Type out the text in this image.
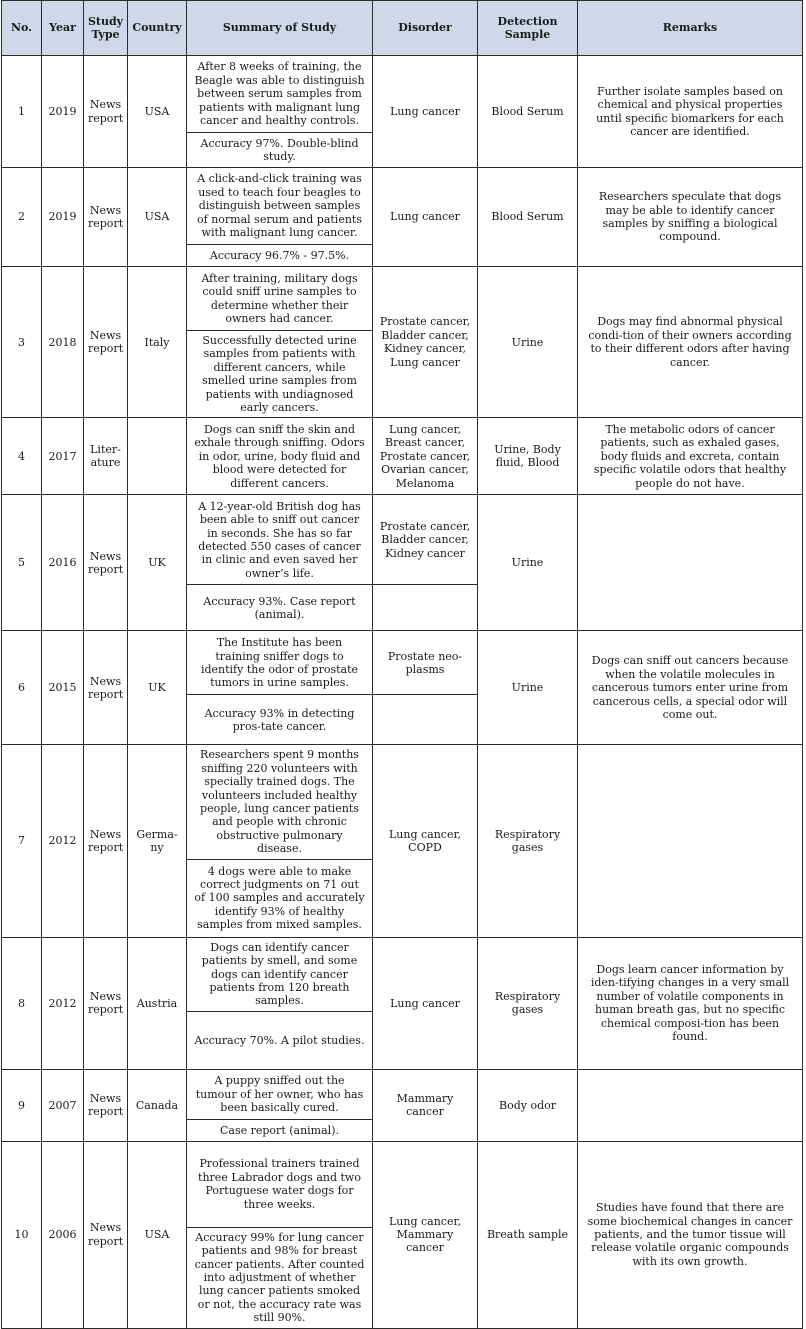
No.	Year	Study Type	Country	Summary of Study	Disorder	Detection Sample	Remarks
1	2019	News report	USA	After 8 weeks of training, the Beagle was able to distinguish between serum samples from patients with malignant lung cancer and healthy controls.	Lung cancer	Blood Serum	Further isolate samples based on chemical and physical properties until specific biomarkers for each cancer are identified.
				Accuracy 97%. Double-blind study.			
2	2019	News report	USA	A click-and-click training was used to teach four beagles to distinguish between samples of normal serum and patients with malignant lung cancer.	Lung cancer	Blood Serum	Researchers speculate that dogs may be able to identify cancer samples by sniffing a biological compound.
				Accuracy 96.7% - 97.5%.			
3	2018	News report	Italy	After training, military dogs could sniff urine samples to determine whether their owners had cancer.	Prostate cancer, Bladder cancer, Kidney cancer, Lung cancer	Urine	Dogs may find abnormal physical condi-tion of their owners according to their different odors after having cancer.
				Successfully detected urine samples from patients with different cancers, while smelled urine samples from patients with undiagnosed early cancers.			
4	2017	Liter-ature		Dogs can sniff the skin and exhale through sniffing. Odors in odor, urine, body fluid and blood were detected for different cancers.	Lung cancer, Breast cancer, Prostate cancer, Ovarian cancer, Melanoma	Urine, Body fluid, Blood	The metabolic odors of cancer patients, such as exhaled gases, body fluids and excreta, contain specific volatile odors that healthy people do not have.
5	2016	News report	UK	A 12-year-old British dog has been able to sniff out cancer in seconds. She has so far detected 550 cases of cancer in clinic and even saved her owner’s life.	Prostate cancer, Bladder cancer, Kidney cancer	Urine	
				Accuracy 93%. Case report (animal).			
6	2015	News report	UK	The Institute has been training sniffer dogs to identify the odor of prostate tumors in urine samples.	Prostate neo-plasms	Urine	Dogs can sniff out cancers because when the volatile molecules in cancerous tumors enter urine from cancerous cells, a special odor will come out.
				Accuracy 93% in detecting pros-tate cancer.			
7	2012	News report	Germa-ny	Researchers spent 9 months sniffing 220 volunteers with specially trained dogs. The volunteers included healthy people, lung cancer patients and people with chronic obstructive pulmonary disease.	Lung cancer, COPD	Respiratory gases	
				4 dogs were able to make correct judgments on 71 out of 100 samples and accurately identify 93% of healthy samples from mixed samples.			
8	2012	News report	Austria	Dogs can identify cancer patients by smell, and some dogs can identify cancer patients from 120 breath samples.	Lung cancer	Respiratory gases	Dogs learn cancer information by iden-tifying changes in a very small number of volatile components in human breath gas, but no specific chemical composi-tion has been found.
				Accuracy 70%. A pilot studies.			
9	2007	News report	Canada	A puppy sniffed out the tumour of her owner, who has been basically cured.	Mammary cancer	Body odor	
				Case report (animal).			
10	2006	News report	USA	Professional trainers trained three Labrador dogs and two Portuguese water dogs for three weeks.	Lung cancer, Mammary cancer	Breath sample	Studies have found that there are some biochemical changes in cancer patients, and the tumor tissue will release volatile organic compounds with its own growth.
				Accuracy 99% for lung cancer patients and 98% for breast cancer patients. After counted into adjustment of whether lung cancer patients smoked or not, the accuracy rate was still 90%.			
